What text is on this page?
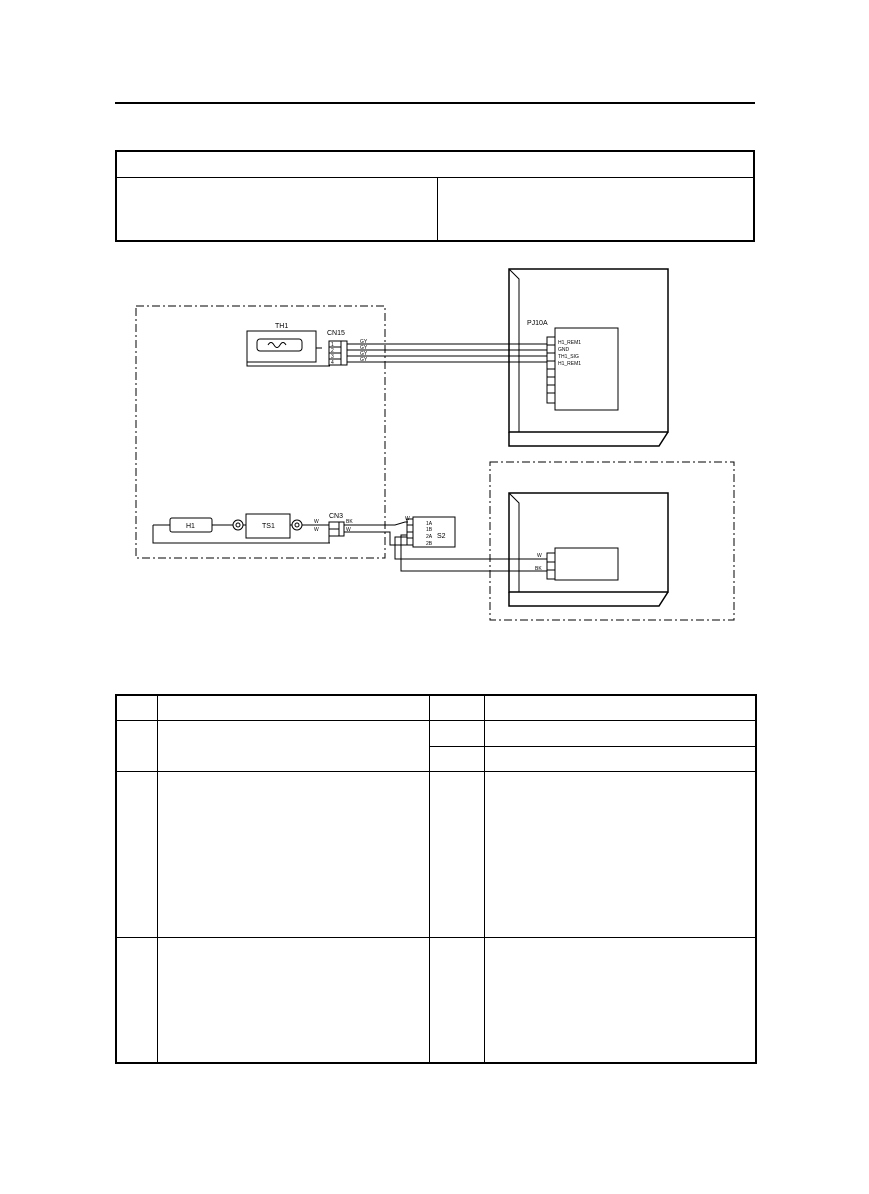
TH1
CN15
PJ10A
H1	TS1
CN3
S2
H1_REM1
GND
TH1_SIG
H1_REM1
GY
GY
GY
GY
1
2
3
4
W
W
BK
W
W
1A
1B
2A
2B
W
BK
